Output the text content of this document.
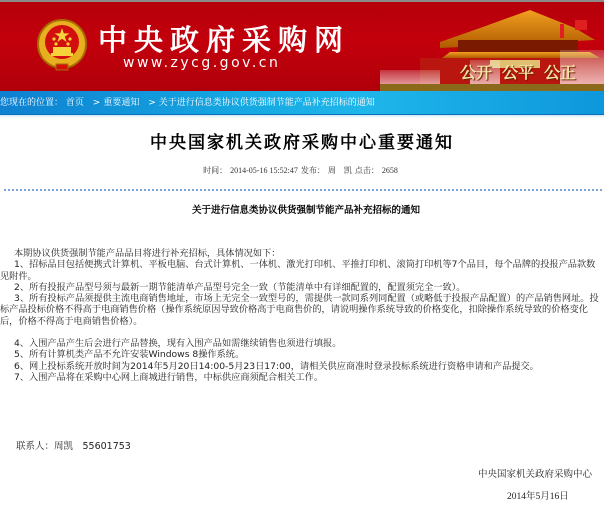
中央政府采购网
www.zycg.gov.cn	公开 公平 公正
您现在的位置： 首页 > 重要通知 > 关于进行信息类协议供货强制节能产品补充招标的通知
中央国家机关政府采购中心重要通知
时间： 2014-05-16 15:52:47 发布： 周　凯 点击： 2658
关于进行信息类协议供货强制节能产品补充招标的通知

本期协议供货强制节能产品品目将进行补充招标，具体情况如下：

1、招标品目包括便携式计算机、平板电脑、台式计算机、一体机、激光打印机、平推打印机、滚筒打印机等7个品目，每个品牌的投报产品款数见附件。

2、所有投报产品型号须与最新一期节能清单产品型号完全一致（节能清单中有详细配置的，配置须完全一致）。

3、所有投标产品须提供主流电商销售地址，市场上无完全一致型号的，需提供一款同系列同配置（或略低于投报产品配置）的产品销售网址。投标产品投标价格不得高于电商销售价格（操作系统原因导致价格高于电商售价的，请说明操作系统导致的价格变化，扣除操作系统导致的价格变化后，价格不得高于电商销售价格）。

4、入围产品产生后会进行产品替换，现有入围产品如需继续销售也须进行填报。

5、所有计算机类产品不允许安装Windows 8操作系统。

6、网上投标系统开放时间为2014年5月20日14:00-5月23日17:00，请相关供应商准时登录投标系统进行资格申请和产品提交。

7、入围产品将在采购中心网上商城进行销售，中标供应商须配合相关工作。

联系人：周凯　55601753
中央国家机关政府采购中心
2014年5月16日
